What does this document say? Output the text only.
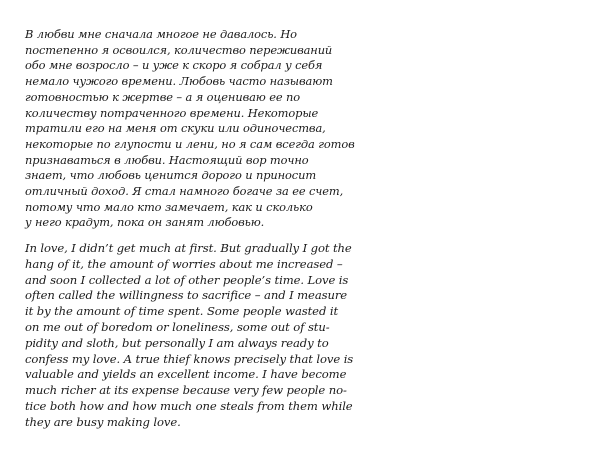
В любви мне сначала многое не давалось. Но
постепенно я освоился, количество переживаний
обо мне возросло – и уже к скоро я собрал у себя
немало чужого времени. Любовь часто называют
готовностью к жертве – а я оцениваю ее по
количеству потраченного времени. Некоторые
тратили его на меня от скуки или одиночества,
некоторые по глупости и лени, но я сам всегда готов
признаваться в любви. Настоящий вор точно
знает, что любовь ценится дорого и приносит
отличный доход. Я стал намного богаче за ее счет,
потому что мало кто замечает, как и сколько
у него крадут, пока он занят любовью.
In love, I didn’t get much at first. But gradually I got the
hang of it, the amount of worries about me increased –
and soon I collected a lot of other people’s time. Love is
often called the willingness to sacrifice – and I measure
it by the amount of time spent. Some people wasted it
on me out of boredom or loneliness, some out of stu-
pidity and sloth, but personally I am always ready to
confess my love. A true thief knows precisely that love is
valuable and yields an excellent income. I have become
much richer at its expense because very few people no-
tice both how and how much one steals from them while
they are busy making love.
